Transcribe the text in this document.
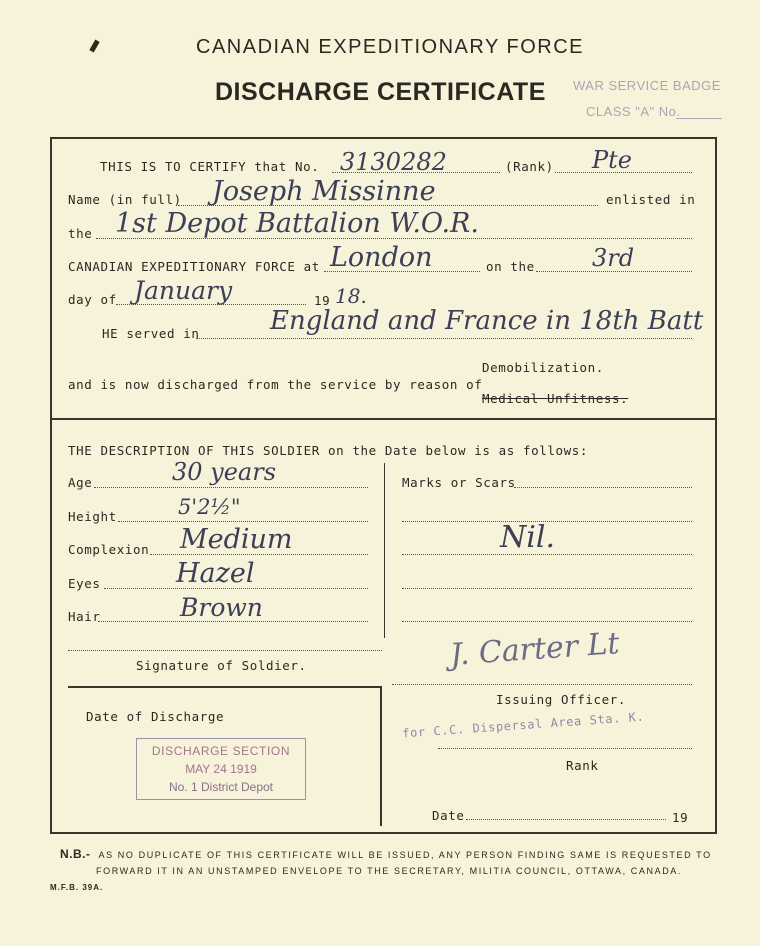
CANADIAN EXPEDITIONARY FORCE
DISCHARGE CERTIFICATE WAR SERVICE BADGE
CLASS "A" No.
THIS IS TO CERTIFY that No. 3130282	(Rank) Pte
Name (in full) Joseph Missinne	enlisted in
the 1st Depot Battalion W.O.R.
CANADIAN EXPEDITIONARY FORCE at London	on the 3rd
day of January	19 18.
HE served in	England and France in 18th Batt
Demobilization.
and is now discharged from the service by reason of
Medical Unfitness.
THE DESCRIPTION OF THIS SOLDIER on the Date below is as follows:
Age	30 years
Height	5'2½"
Complexion Medium
Eyes	Hazel
Hair	Brown
Marks or Scars
Nil.
Signature of Soldier.
Date of Discharge
DISCHARGE SECTION
MAY 24 1919
No. 1 District Depot
J. Carter Lt
Issuing Officer.
for C.C. Dispersal Area Sta. K.
Rank
Date	19
N.B.- AS NO DUPLICATE OF THIS CERTIFICATE WILL BE ISSUED, ANY PERSON FINDING SAME IS REQUESTED TO
FORWARD IT IN AN UNSTAMPED ENVELOPE TO THE SECRETARY, MILITIA COUNCIL, OTTAWA, CANADA.
M.F.B. 39A.
